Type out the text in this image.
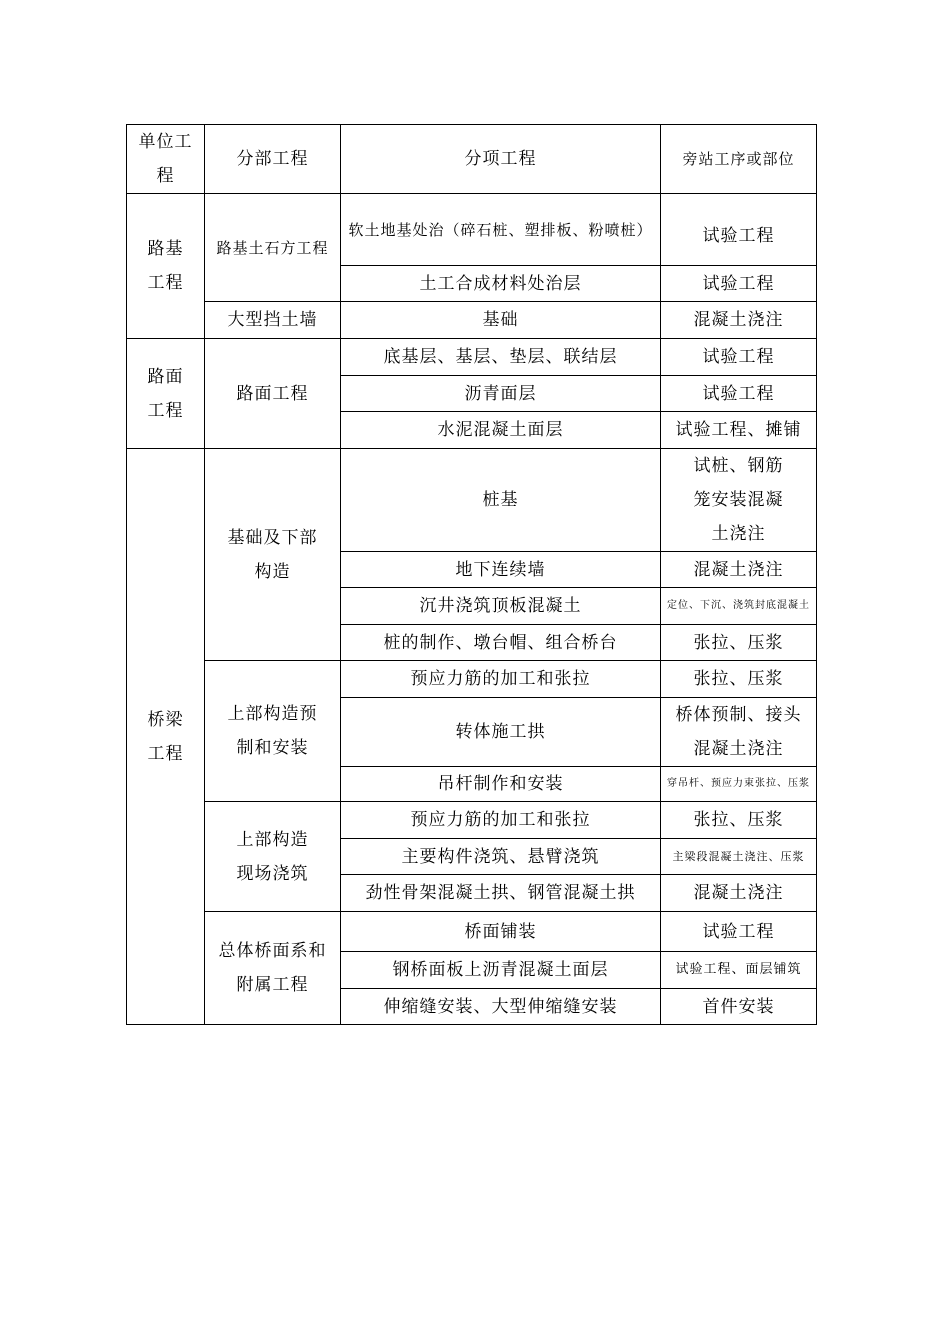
单位工程	分部工程	分项工程	旁站工序或部位
路基工程	路基土石方工程	软土地基处治（碎石桩、塑排板、粉喷桩）	试验工程
		土工合成材料处治层	试验工程
	大型挡土墙	基础	混凝土浇注
路面工程	路面工程	底基层、基层、垫层、联结层	试验工程
		沥青面层	试验工程
		水泥混凝土面层	试验工程、摊铺
桥梁工程	基础及下部构造	桩基	试桩、钢筋笼安装混凝土浇注
		地下连续墙	混凝土浇注
		沉井浇筑顶板混凝土	定位、下沉、浇筑封底混凝土
		桩的制作、墩台帽、组合桥台	张拉、压浆
	上部构造预制和安装	预应力筋的加工和张拉	张拉、压浆
		转体施工拱	桥体预制、接头混凝土浇注
		吊杆制作和安装	穿吊杆、预应力束张拉、压浆
	上部构造现场浇筑	预应力筋的加工和张拉	张拉、压浆
		主要构件浇筑、悬臂浇筑	主梁段混凝土浇注、压浆
		劲性骨架混凝土拱、钢管混凝土拱	混凝土浇注
	总体桥面系和附属工程	桥面铺装	试验工程
		钢桥面板上沥青混凝土面层	试验工程、面层铺筑
		伸缩缝安装、大型伸缩缝安装	首件安装
